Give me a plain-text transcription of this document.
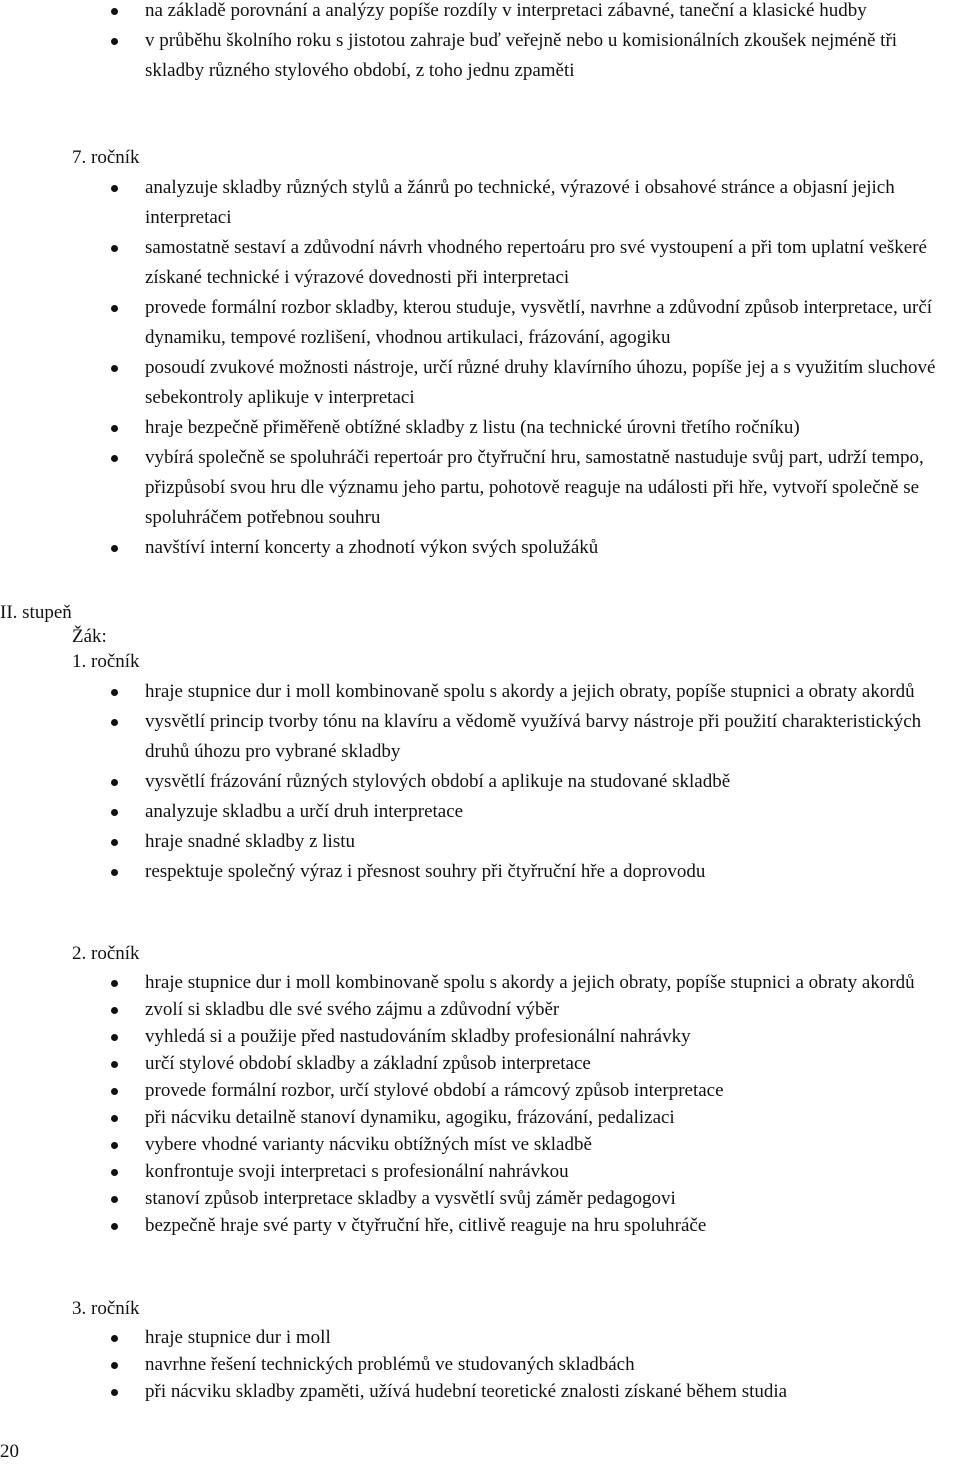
na základě porovnání a analýzy popíše rozdíly v interpretaci zábavné, taneční a klasické hudby
v průběhu školního roku s jistotou zahraje buď veřejně nebo u komisionálních zkoušek nejméně tři skladby různého stylového období, z toho jednu zpaměti
7. ročník
analyzuje skladby různých stylů a žánrů po technické, výrazové i obsahové stránce a objasní jejich interpretaci
samostatně sestaví a zdůvodní návrh vhodného repertoáru pro své vystoupení a při tom uplatní veškeré získané technické i výrazové dovednosti při interpretaci
provede formální rozbor skladby, kterou studuje, vysvětlí, navrhne a zdůvodní způsob interpretace, určí dynamiku, tempové rozlišení, vhodnou artikulaci, frázování, agogiku
posoudí zvukové možnosti nástroje, určí různé druhy klavírního úhozu, popíše jej a s využitím sluchové sebekontroly aplikuje v interpretaci
hraje bezpečně přiměřeně obtížné skladby z listu (na technické úrovni třetího ročníku)
vybírá společně se spoluhráči repertoár pro čtyřruční hru, samostatně nastuduje svůj part, udrží tempo, přizpůsobí svou hru dle významu jeho partu, pohotově reaguje na události při hře, vytvoří společně se spoluhráčem potřebnou souhru
navštíví interní koncerty a zhodnotí výkon svých spolužáků
II. stupeň
Žák:
1. ročník
hraje stupnice dur i moll kombinovaně spolu s akordy a jejich obraty, popíše stupnici a obraty akordů
vysvětlí princip tvorby tónu na klavíru a vědomě využívá barvy nástroje při použití charakteristických druhů úhozu pro vybrané skladby
vysvětlí frázování různých stylových období a aplikuje na studované skladbě
analyzuje skladbu a určí druh interpretace
hraje snadné skladby z listu
respektuje společný výraz i přesnost souhry při čtyřruční hře a doprovodu
2. ročník
hraje stupnice dur i moll kombinovaně spolu s akordy a jejich obraty, popíše stupnici a obraty akordů
zvolí si skladbu dle své svého zájmu a zdůvodní výběr
vyhledá si a použije před nastudováním skladby profesionální nahrávky
určí stylové období skladby a základní způsob interpretace
provede formální rozbor, určí stylové období a rámcový způsob interpretace
při nácviku detailně stanoví dynamiku, agogiku, frázování, pedalizaci
vybere vhodné varianty nácviku obtížných míst ve skladbě
konfrontuje svoji interpretaci s profesionální nahrávkou
stanoví způsob interpretace skladby a vysvětlí svůj záměr pedagogovi
bezpečně hraje své party v čtyřruční hře, citlivě reaguje na hru spoluhráče
3. ročník
hraje stupnice dur i moll
navrhne řešení technických problémů ve studovaných skladbách
při nácviku skladby zpaměti, užívá hudební teoretické znalosti získané během studia
20
